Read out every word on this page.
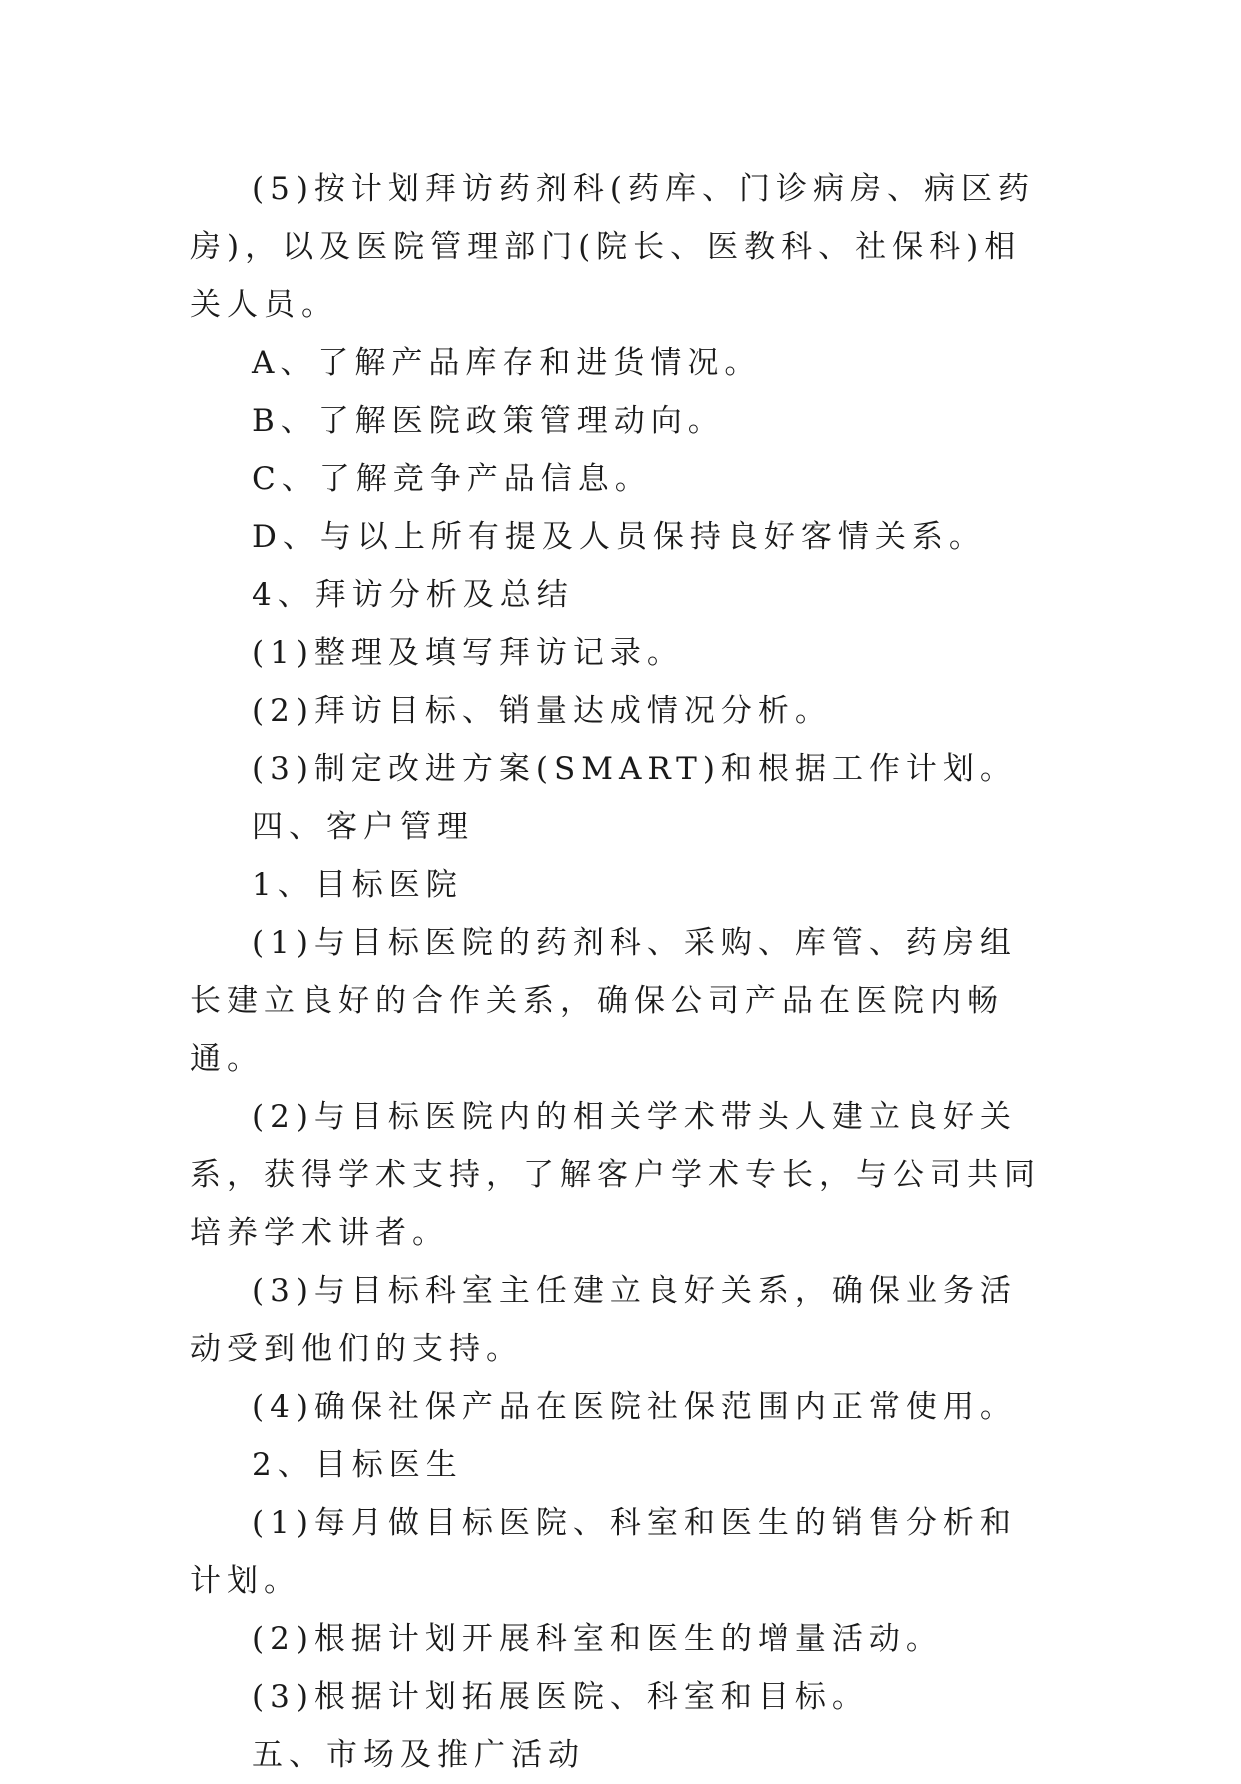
(5)按计划拜访药剂科(药库、门诊病房、病区药房)，以及医院管理部门(院长、医教科、社保科)相关人员。

A、了解产品库存和进货情况。

B、了解医院政策管理动向。

C、了解竞争产品信息。

D、与以上所有提及人员保持良好客情关系。

4、拜访分析及总结

(1)整理及填写拜访记录。

(2)拜访目标、销量达成情况分析。

(3)制定改进方案(SMART)和根据工作计划。

四、客户管理

1、目标医院

(1)与目标医院的药剂科、采购、库管、药房组长建立良好的合作关系，确保公司产品在医院内畅通。

(2)与目标医院内的相关学术带头人建立良好关系，获得学术支持，了解客户学术专长，与公司共同培养学术讲者。

(3)与目标科室主任建立良好关系，确保业务活动受到他们的支持。

(4)确保社保产品在医院社保范围内正常使用。

2、目标医生

(1)每月做目标医院、科室和医生的销售分析和计划。

(2)根据计划开展科室和医生的增量活动。

(3)根据计划拓展医院、科室和目标。

五、市场及推广活动
